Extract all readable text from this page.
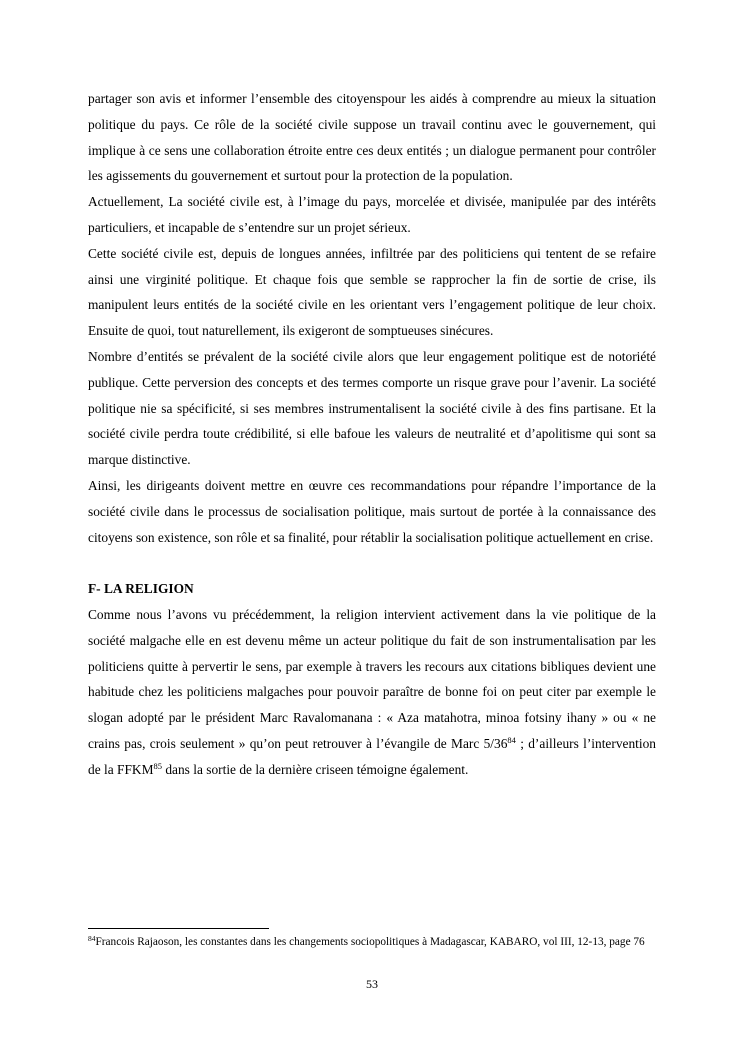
partager son avis et informer l’ensemble des citoyenspour les aidés à comprendre au mieux la situation politique du pays. Ce rôle de la société civile suppose un travail continu avec le gouvernement, qui implique à ce sens une collaboration étroite entre ces deux entités ; un dialogue permanent pour contrôler les agissements du gouvernement et surtout pour la protection de la population.

Actuellement, La société civile est, à l’image du pays, morcelée et divisée, manipulée par des intérêts particuliers, et incapable de s’entendre sur un projet sérieux.

Cette société civile est, depuis de longues années, infiltrée par des politiciens qui tentent de se refaire ainsi une virginité politique. Et chaque fois que semble se rapprocher la fin de sortie de crise, ils manipulent leurs entités de la société civile en les orientant vers l’engagement politique de leur choix. Ensuite de quoi, tout naturellement, ils exigeront de somptueuses sinécures.

Nombre d’entités se prévalent de la société civile alors que leur engagement politique est de notoriété publique. Cette perversion des concepts et des termes comporte un risque grave pour l’avenir. La société politique nie sa spécificité, si ses membres instrumentalisent la société civile à des fins partisane. Et la société civile perdra toute crédibilité, si elle bafoue les valeurs de neutralité et d’apolitisme qui sont sa marque distinctive.

Ainsi, les dirigeants doivent mettre en œuvre ces recommandations pour répandre l’importance de la société civile dans le processus de socialisation politique, mais surtout de portée à la connaissance des citoyens son existence, son rôle et sa finalité, pour rétablir la socialisation politique actuellement en crise.

F- LA RELIGION

Comme nous l’avons vu précédemment, la religion intervient activement dans la vie politique de la société malgache elle en est devenu même un acteur politique du fait de son instrumentalisation par les politiciens quitte à pervertir le sens, par exemple à travers les recours aux citations bibliques devient une habitude chez les politiciens malgaches pour pouvoir paraître de bonne foi on peut citer par exemple le slogan adopté par le président Marc Ravalomanana : « Aza matahotra, minoa fotsiny ihany » ou « ne crains pas, crois seulement » qu’on peut retrouver à l’évangile de Marc $5/36^{84}$ ; d’ailleurs l’intervention de la FFKM$^{85}$ dans la sortie de la dernière criseen témoigne également.

$^{84}$Francois Rajaoson, les constantes dans les changements sociopolitiques à Madagascar, KABARO, vol III, 12-13, page 76

53
